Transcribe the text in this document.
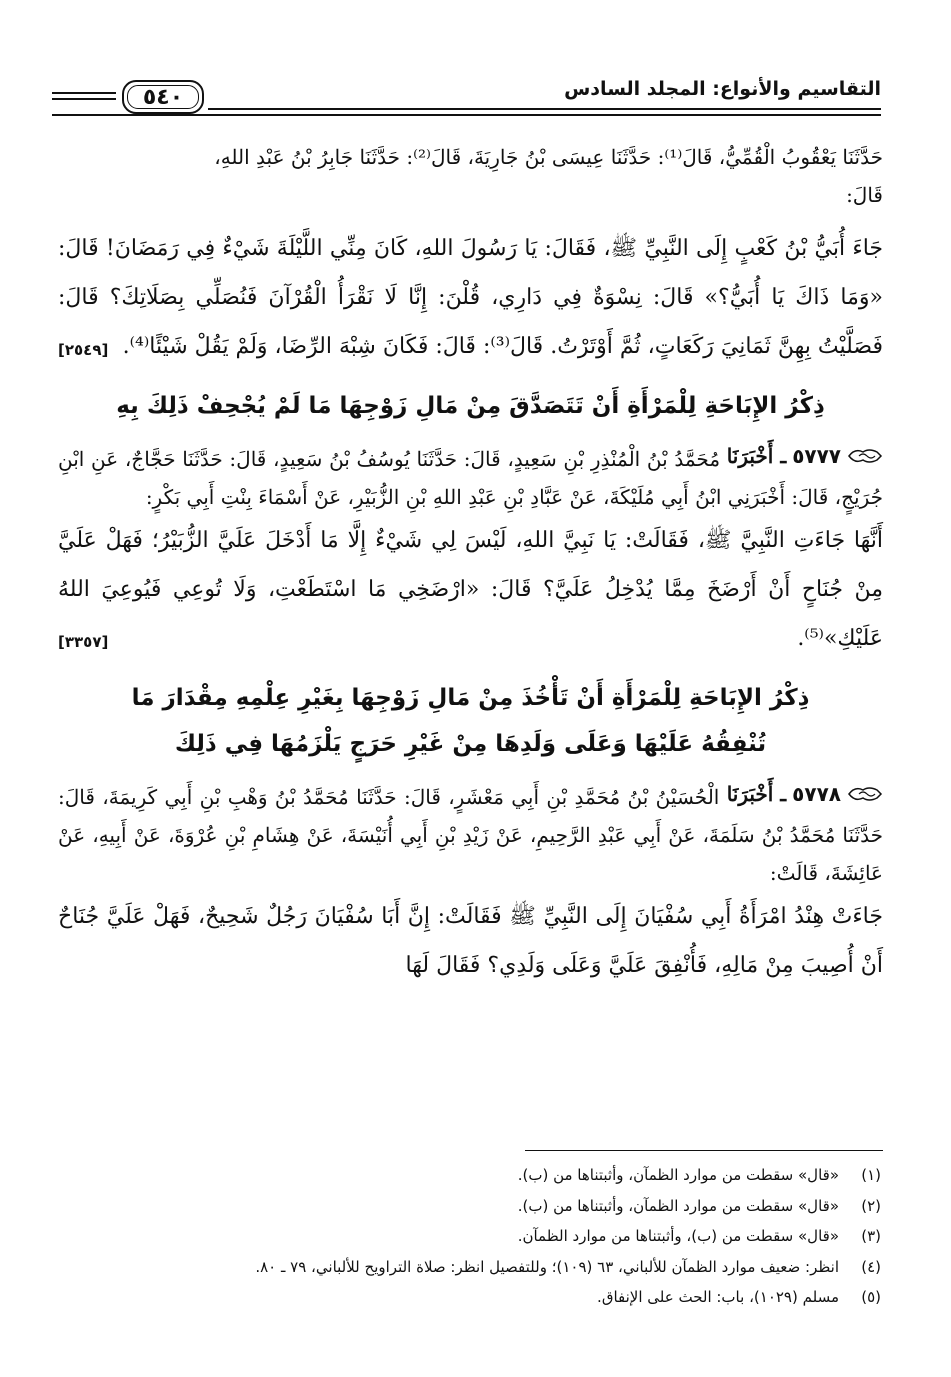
التقاسيم والأنواع: المجلد السادس
٥٤٠

حَدَّثَنَا يَعْقُوبُ الْقُمِّيُّ، قَالَ⁽¹⁾: حَدَّثَنَا عِيسَى بْنُ جَارِيَةَ، قَالَ⁽²⁾: حَدَّثَنَا جَابِرُ بْنُ عَبْدِ اللهِ،

قَالَ:

جَاءَ أُبَيُّ بْنُ كَعْبٍ إِلَى النَّبِيِّ ﷺ، فَقَالَ: يَا رَسُولَ اللهِ، كَانَ مِنِّي اللَّيْلَةَ شَيْءٌ فِي رَمَضَانَ! قَالَ: «وَمَا ذَاكَ يَا أُبَيُّ؟» قَالَ: نِسْوَةٌ فِي دَارِي، قُلْنَ: إِنَّا لَا نَقْرَأُ الْقُرْآنَ فَنُصَلِّي بِصَلَاتِكَ؟ قَالَ: فَصَلَّيْتُ بِهِنَّ ثَمَانِيَ رَكَعَاتٍ، ثُمَّ أَوْتَرْتُ. قَالَ⁽³⁾: قَالَ: فَكَانَ شِبْهَ الرِّضَا، وَلَمْ يَقُلْ شَيْئًا⁽⁴⁾.
[٢٥٤٩]

ذِكْرُ الإِبَاحَةِ لِلْمَرْأَةِ أَنْ تَتَصَدَّقَ مِنْ مَالِ زَوْجِهَا مَا لَمْ يُجْحِفْ ذَلِكَ بِهِ

٥٧٧٧
ـ أَخْبَرَنَا
مُحَمَّدُ بْنُ الْمُنْذِرِ بْنِ سَعِيدٍ، قَالَ: حَدَّثَنَا يُوسُفُ بْنُ سَعِيدٍ، قَالَ: حَدَّثَنَا حَجَّاجٌ، عَنِ ابْنِ جُرَيْجٍ، قَالَ: أَخْبَرَنِي ابْنُ أَبِي مُلَيْكَةَ، عَنْ عَبَّادِ بْنِ عَبْدِ اللهِ بْنِ الزُّبَيْرِ، عَنْ أَسْمَاءَ بِنْتِ أَبِي بَكْرٍ:

أَنَّهَا جَاءَتِ النَّبِيَّ ﷺ، فَقَالَتْ: يَا نَبِيَّ اللهِ، لَيْسَ لِي شَيْءٌ إِلَّا مَا أَدْخَلَ عَلَيَّ الزُّبَيْرُ؛ فَهَلْ عَلَيَّ مِنْ جُنَاحٍ أَنْ أَرْضَخَ مِمَّا يُدْخِلُ عَلَيَّ؟ قَالَ: «ارْضَخِي مَا اسْتَطَعْتِ، وَلَا تُوعِي فَيُوعِيَ اللهُ عَلَيْكِ»⁽⁵⁾.
[٣٣٥٧]

ذِكْرُ الإِبَاحَةِ لِلْمَرْأَةِ أَنْ تَأْخُذَ مِنْ مَالِ زَوْجِهَا بِغَيْرِ عِلْمِهِ مِقْدَارَ مَا
تُنْفِقُهُ عَلَيْهَا وَعَلَى وَلَدِهَا مِنْ غَيْرِ حَرَجٍ يَلْزَمُهَا فِي ذَلِكَ

٥٧٧٨
ـ أَخْبَرَنَا
الْحُسَيْنُ بْنُ مُحَمَّدِ بْنِ أَبِي مَعْشَرٍ، قَالَ: حَدَّثَنَا مُحَمَّدُ بْنُ وَهْبِ بْنِ أَبِي كَرِيمَةَ، قَالَ: حَدَّثَنَا مُحَمَّدُ بْنُ سَلَمَةَ، عَنْ أَبِي عَبْدِ الرَّحِيمِ، عَنْ زَيْدِ بْنِ أَبِي أُنَيْسَةَ، عَنْ هِشَامِ بْنِ عُرْوَةَ، عَنْ أَبِيهِ، عَنْ عَائِشَةَ، قَالَتْ:

جَاءَتْ هِنْدُ امْرَأَةُ أَبِي سُفْيَانَ إِلَى النَّبِيِّ ﷺ فَقَالَتْ: إِنَّ أَبَا سُفْيَانَ رَجُلٌ شَحِيحٌ، فَهَلْ عَلَيَّ جُنَاحٌ أَنْ أُصِيبَ مِنْ مَالِهِ، فَأُنْفِقَ عَلَيَّ وَعَلَى وَلَدِي؟ فَقَالَ لَهَا

(١)
«قال» سقطت من موارد الظمآن، وأثبتناها من (ب).
(٢)
«قال» سقطت من موارد الظمآن، وأثبتناها من (ب).
(٣)
«قال» سقطت من (ب)، وأثبتناها من موارد الظمآن.
(٤)
انظر: ضعيف موارد الظمآن للألباني، ٦٣ (١٠٩)؛ وللتفصيل انظر: صلاة التراويح للألباني، ٧٩ ـ ٨٠.
(٥)
مسلم (١٠٢٩)، باب: الحث على الإنفاق.
